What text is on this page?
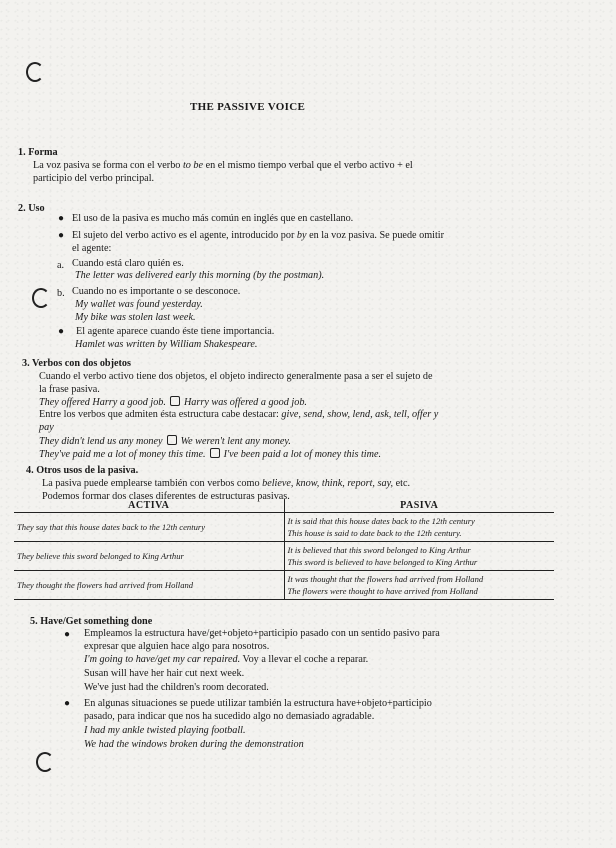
THE PASSIVE VOICE
1. Forma
La voz pasiva se forma con el verbo to be en el mismo tiempo verbal que el verbo activo + el
participio del verbo principal.
2. Uso
● El uso de la pasiva es mucho más común en inglés que en castellano.
● El sujeto del verbo activo es el agente, introducido por by en la voz pasiva. Se puede omitir
el agente:
a. Cuando está claro quién es.
The letter was delivered early this morning (by the postman).
b. Cuando no es importante o se desconoce.
My wallet was found yesterday.
My bike was stolen last week.
● El agente aparece cuando éste tiene importancia.
Hamlet was written by William Shakespeare.
3. Verbos con dos objetos
Cuando el verbo activo tiene dos objetos, el objeto indirecto generalmente pasa a ser el sujeto de
la frase pasiva.
They offered Harry a good job. Harry was offered a good job.
Entre los verbos que admiten ésta estructura cabe destacar: give, send, show, lend, ask, tell, offer y
pay
They didn't lend us any money We weren't lent any money.
They've paid me a lot of money this time. I've been paid a lot of money this time.
4. Otros usos de la pasiva.
La pasiva puede emplearse también con verbos como believe, know, think, report, say, etc.
Podemos formar dos clases diferentes de estructuras pasivas.
ACTIVA	PASIVA
They say that this house dates back to the 12th century	It is said that this house dates back to the 12th century
This house is said to date back to the 12th century.

They believe this sword belonged to King Arthur	It is believed that this sword belonged to King Arthur
This sword is believed to have belonged to King Arthur

They thought the flowers had arrived from Holland	It was thought that the flowers had arrived from Holland
The flowers were thought to have arrived from Holland
5. Have/Get something done
● Empleamos la estructura have/get+objeto+participio pasado con un sentido pasivo para
expresar que alguien hace algo para nosotros.
I'm going to have/get my car repaired. Voy a llevar el coche a reparar.
Susan will have her hair cut next week.
We've just had the children's room decorated.
● En algunas situaciones se puede utilizar también la estructura have+objeto+participio
pasado, para indicar que nos ha sucedido algo no demasiado agradable.
I had my ankle twisted playing football.
We had the windows broken during the demonstration
